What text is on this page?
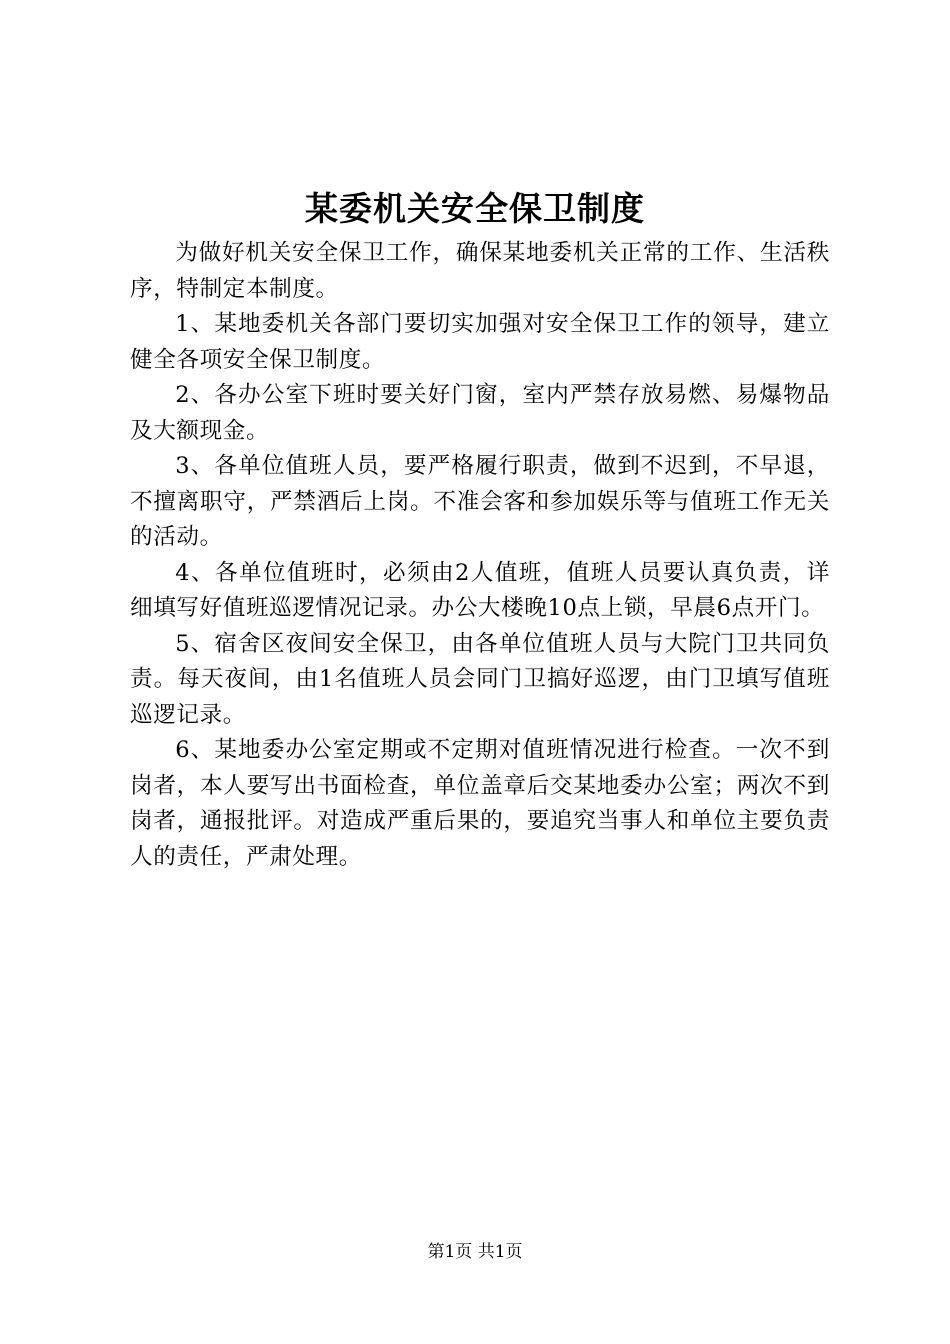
某委机关安全保卫制度

为做好机关安全保卫工作，确保某地委机关正常的工作、生活秩序，特制定本制度。

1、某地委机关各部门要切实加强对安全保卫工作的领导，建立健全各项安全保卫制度。

2、各办公室下班时要关好门窗，室内严禁存放易燃、易爆物品及大额现金。

3、各单位值班人员，要严格履行职责，做到不迟到，不早退，不擅离职守，严禁酒后上岗。不准会客和参加娱乐等与值班工作无关的活动。

4、各单位值班时，必须由2人值班，值班人员要认真负责，详细填写好值班巡逻情况记录。办公大楼晚10点上锁，早晨6点开门。

5、宿舍区夜间安全保卫，由各单位值班人员与大院门卫共同负责。每天夜间，由1名值班人员会同门卫搞好巡逻，由门卫填写值班巡逻记录。

6、某地委办公室定期或不定期对值班情况进行检查。一次不到岗者，本人要写出书面检查，单位盖章后交某地委办公室；两次不到岗者，通报批评。对造成严重后果的，要追究当事人和单位主要负责人的责任，严肃处理。

第1页 共1页
